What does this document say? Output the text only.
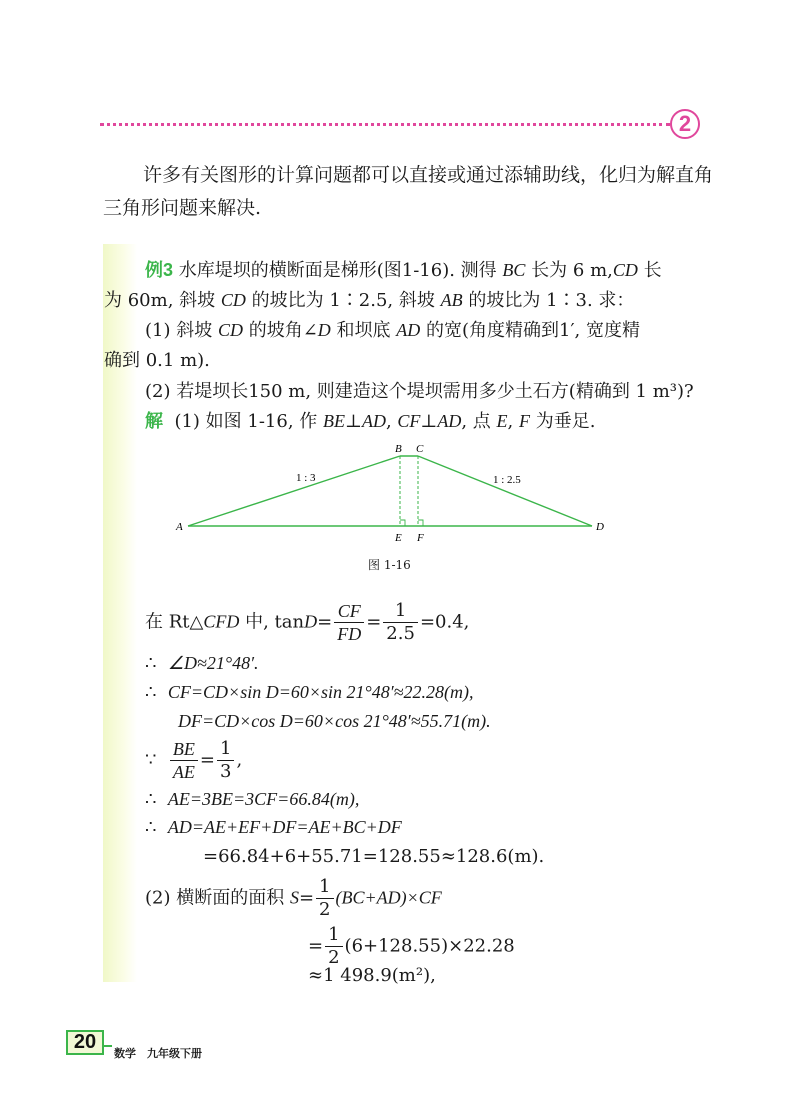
2
许多有关图形的计算问题都可以直接或通过添辅助线，化归为解直角
三角形问题来解决.
例3 水库堤坝的横断面是梯形(图1-16). 测得 BC 长为 6 m,CD 长
为 60m, 斜坡 CD 的坡比为 1∶2.5, 斜坡 AB 的坡比为 1∶3. 求：
(1) 斜坡 CD 的坡角∠D 和坝底 AD 的宽(角度精确到1′, 宽度精
确到 0.1 m).
(2) 若堤坝长150 m, 则建造这个堤坝需用多少土石方(精确到 1 m³)?
解 (1) 如图 1-16, 作 BE⊥AD, CF⊥AD, 点 E, F 为垂足.
A
B C
D
E F
1 : 3	1 : 2.5
图 1-16
在 Rt△CFD 中, $\tan D= \frac{CF}{FD} = \frac{1}{2.5} =0.4$,
∴ ∠D≈21°48′.
∴ CF=CD×sin D=60×sin 21°48′≈22.28(m),
DF=CD×cos D=60×cos 21°48′≈55.71(m).
∵ $\frac{BE}{AE} = \frac{1}{3}$ ,
∴ AE=3BE=3CF=66.84(m),
∴ AD=AE+EF+DF=AE+BC+DF
=66.84+6+55.71=128.55≈128.6(m).
(2) 横断面的面积 $S= \frac{1}{2} (BC+AD)\times CF$
= $\frac{1}{2} (6+128.55)\times 22.28$
≈1 498.9(m²),
20
数学　九年级下册
